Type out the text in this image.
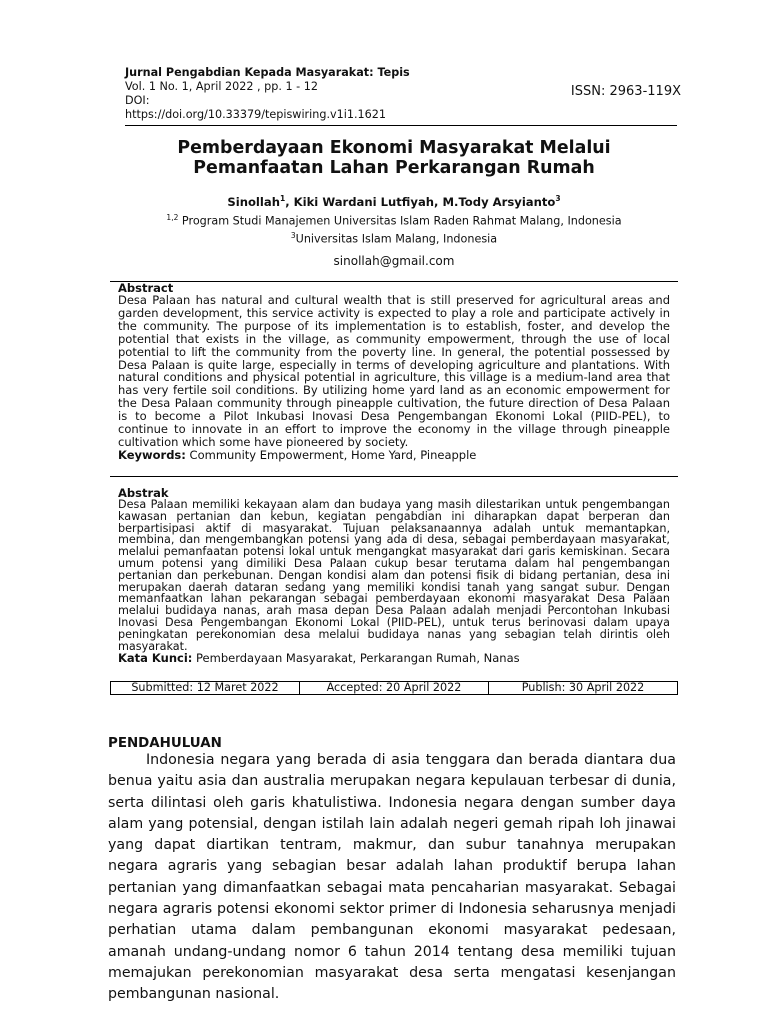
Jurnal Pengabdian Kepada Masyarakat: Tepis
Vol. 1 No. 1, April 2022 , pp. 1 - 12
DOI:
https://doi.org/10.33379/tepiswiring.v1i1.1621
ISSN: 2963-119X
Pemberdayaan Ekonomi Masyarakat Melalui
Pemanfaatan Lahan Perkarangan Rumah
Sinollah$^1$, Kiki Wardani Lutfiyah, M.Tody Arsyianto$^3$
$^{1,2}$ Program Studi Manajemen Universitas Islam Raden Rahmat Malang, Indonesia
$^3$Universitas Islam Malang, Indonesia
sinollah@gmail.com
Abstract
Desa Palaan has natural and cultural wealth that is still preserved for agricultural areas and garden development, this service activity is expected to play a role and participate actively in the community. The purpose of its implementation is to establish, foster, and develop the potential that exists in the village, as community empowerment, through the use of local potential to lift the community from the poverty line. In general, the potential possessed by Desa Palaan is quite large, especially in terms of developing agriculture and plantations. With natural conditions and physical potential in agriculture, this village is a medium-land area that has very fertile soil conditions. By utilizing home yard land as an economic empowerment for the Desa Palaan community through pineapple cultivation, the future direction of Desa Palaan is to become a Pilot Inkubasi Inovasi Desa Pengembangan Ekonomi Lokal (PIID-PEL), to continue to innovate in an effort to improve the economy in the village through pineapple cultivation which some have pioneered by society.
Keywords: Community Empowerment, Home Yard, Pineapple
Abstrak
Desa Palaan memiliki kekayaan alam dan budaya yang masih dilestarikan untuk pengembangan kawasan pertanian dan kebun, kegiatan pengabdian ini diharapkan dapat berperan dan berpartisipasi aktif di masyarakat. Tujuan pelaksanaannya adalah untuk memantapkan, membina, dan mengembangkan potensi yang ada di desa, sebagai pemberdayaan masyarakat, melalui pemanfaatan potensi lokal untuk mengangkat masyarakat dari garis kemiskinan. Secara umum potensi yang dimiliki Desa Palaan cukup besar terutama dalam hal pengembangan pertanian dan perkebunan. Dengan kondisi alam dan potensi fisik di bidang pertanian, desa ini merupakan daerah dataran sedang yang memiliki kondisi tanah yang sangat subur. Dengan memanfaatkan lahan pekarangan sebagai pemberdayaan ekonomi masyarakat Desa Palaan melalui budidaya nanas, arah masa depan Desa Palaan adalah menjadi Percontohan Inkubasi Inovasi Desa Pengembangan Ekonomi Lokal (PIID-PEL), untuk terus berinovasi dalam upaya peningkatan perekonomian desa melalui budidaya nanas yang sebagian telah dirintis oleh masyarakat.
Kata Kunci: Pemberdayaan Masyarakat, Perkarangan Rumah, Nanas
Submitted: 12 Maret 2022	Accepted: 20 April 2022	Publish: 30 April 2022
PENDAHULUAN
Indonesia negara yang berada di asia tenggara dan berada diantara dua benua yaitu asia dan australia merupakan negara kepulauan terbesar di dunia, serta dilintasi oleh garis khatulistiwa. Indonesia negara dengan sumber daya alam yang potensial, dengan istilah lain adalah negeri gemah ripah loh jinawai yang dapat diartikan tentram, makmur, dan subur tanahnya merupakan negara agraris yang sebagian besar adalah lahan produktif berupa lahan pertanian yang dimanfaatkan sebagai mata pencaharian masyarakat. Sebagai negara agraris potensi ekonomi sektor primer di Indonesia seharusnya menjadi perhatian utama dalam pembangunan ekonomi masyarakat pedesaan, amanah undang-undang nomor 6 tahun 2014 tentang desa memiliki tujuan memajukan perekonomian masyarakat desa serta mengatasi kesenjangan pembangunan nasional.
